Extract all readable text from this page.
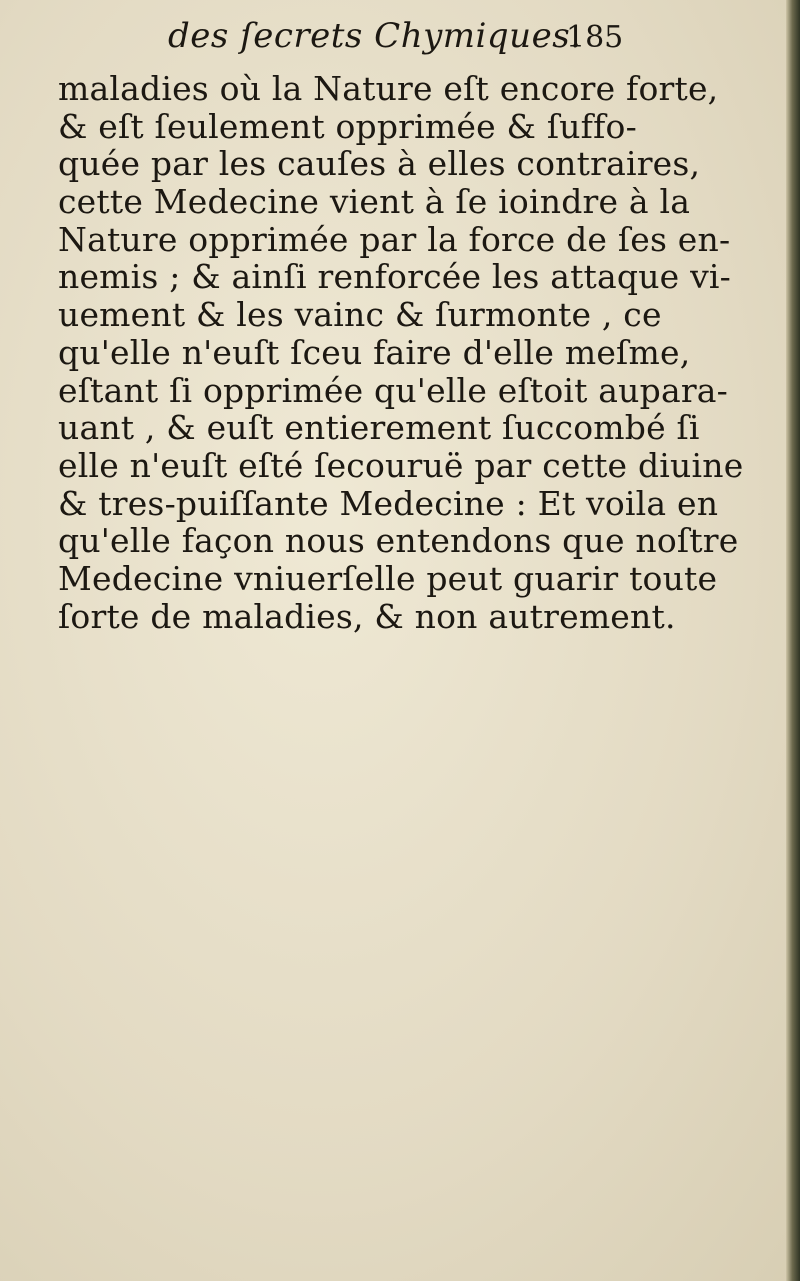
des ſecrets Chymiques.
185
maladies où la Nature eſt encore forte,
& eſt ſeulement opprimée & ſuffo-
quée par les cauſes à elles contraires,
cette Medecine vient à ſe ioindre à la
Nature opprimée par la force de ſes en-
nemis ; & ainſi renforcée les attaque vi-
uement & les vainc & ſurmonte , ce
qu'elle n'euſt ſceu faire d'elle meſme,
eſtant ſi opprimée qu'elle eſtoit aupara-
uant , & euſt entierement ſuccombé ſi
elle n'euſt eſté ſecouruë par cette diuine
& tres-puiſſante Medecine : Et voila en
qu'elle façon nous entendons que noſtre
Medecine vniuerſelle peut guarir toute
ſorte de maladies, & non autrement.
